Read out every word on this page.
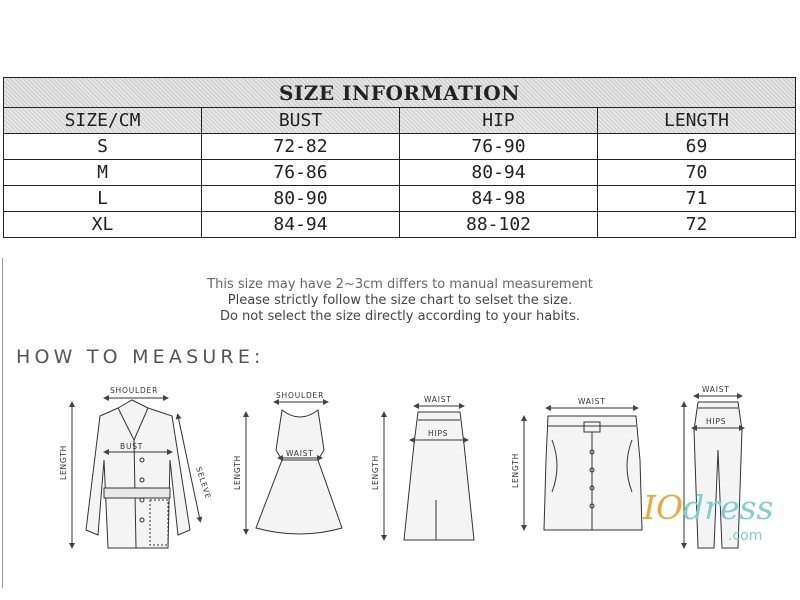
SIZE INFORMATION			
SIZE/CM	BUST	HIP	LENGTH
S	72-82	76-90	69
M	76-86	80-94	70
L	80-90	84-98	71
XL	84-94	88-102	72
This size may have 2~3cm differs to manual measurement
Please strictly follow the size chart to selset the size.
Do not select the size directly according to your habits.
HOW TO MEASURE:
SHOULDER
BUST
LENGTH
SELEVE
SHOULDER
WAIST
LENGTH
WAIST
HIPS
LENGTH
WAIST
LENGTH
WAIST
HIPS
IOdress
.com
